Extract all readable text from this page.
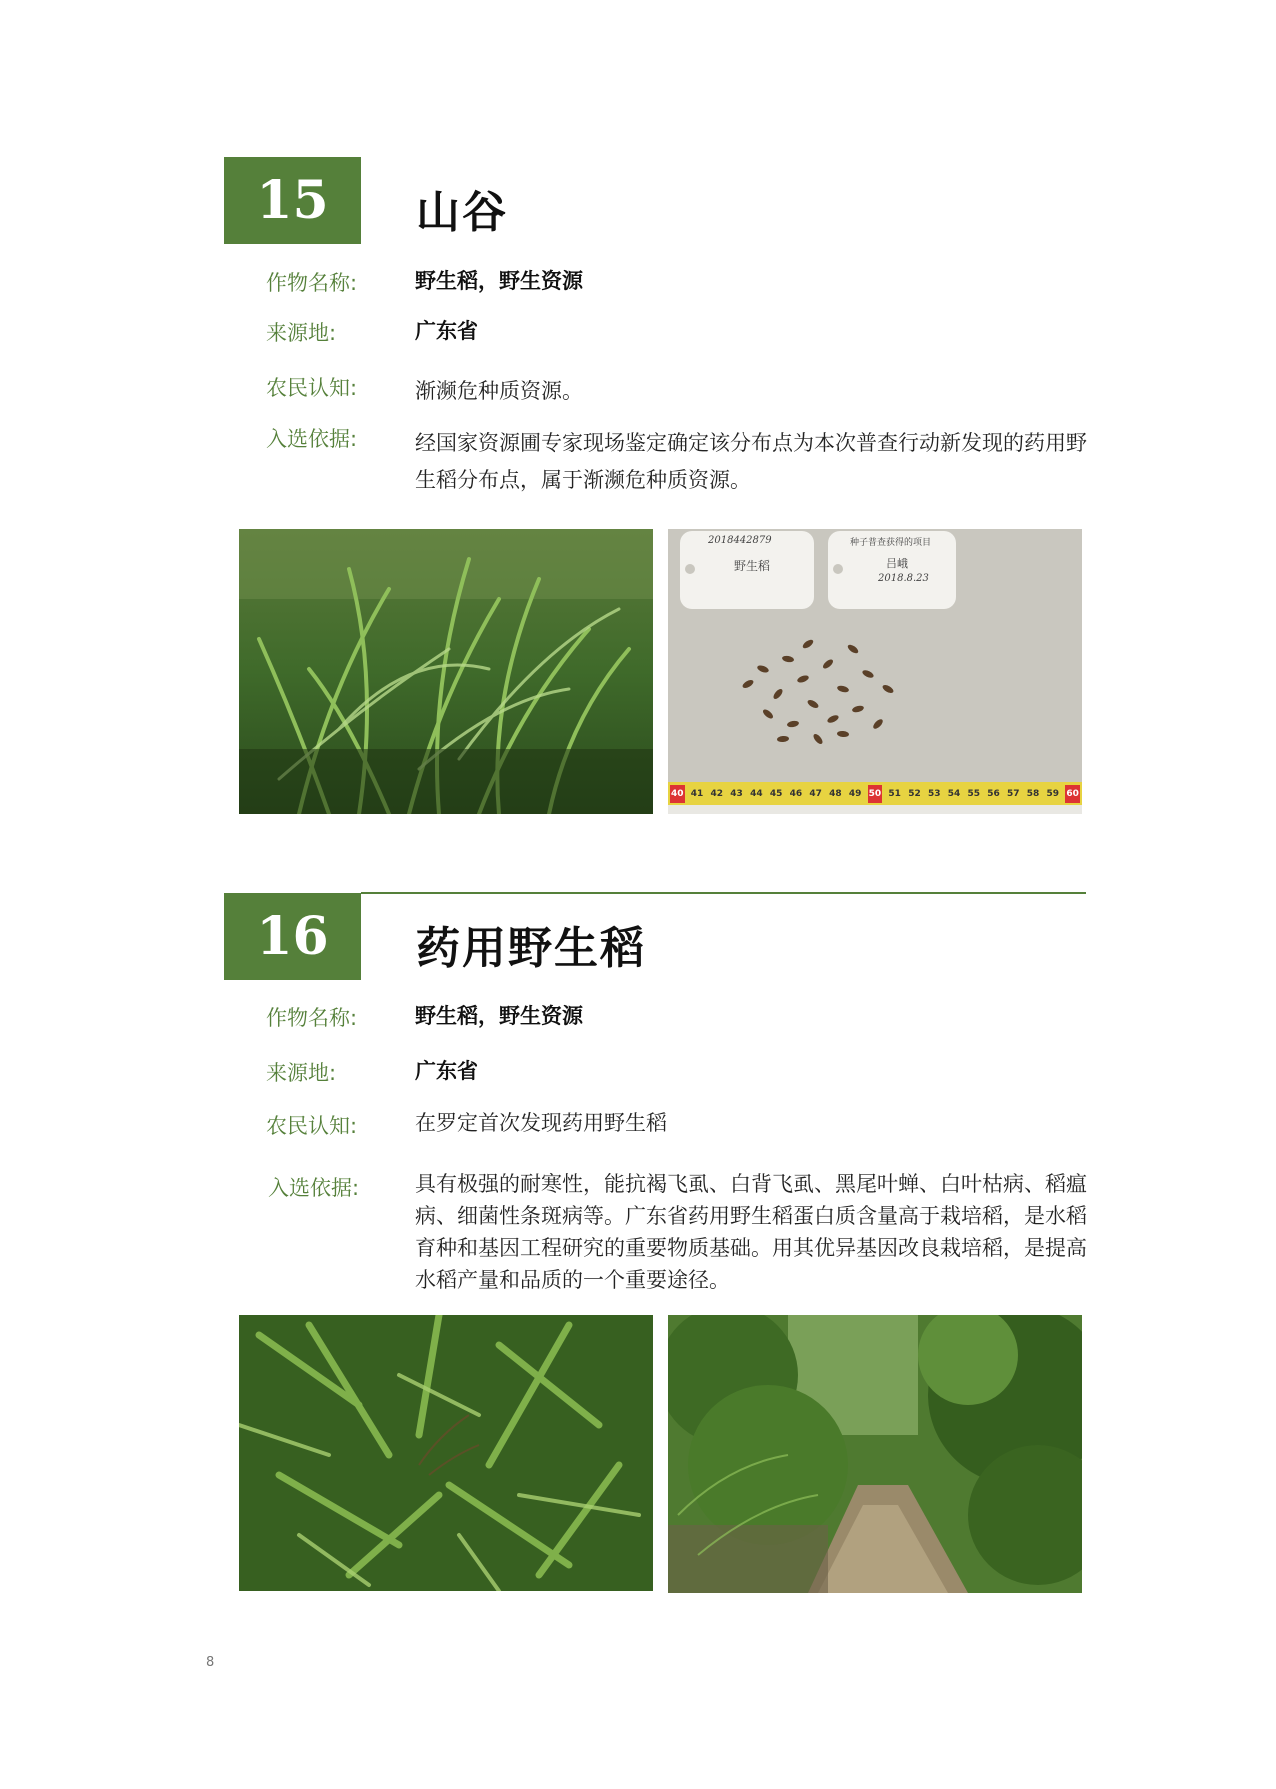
15 山谷
作物名称:	野生稻，野生资源
来源地:	广东省
农民认知:	渐濒危种质资源。
入选依据:	经国家资源圃专家现场鉴定确定该分布点为本次普查行动新发现的药用野生稻分布点，属于渐濒危种质资源。
2018442879
野生稻
种子普查获得的项目
吕峨
2018.8.23
40 41 42 43 44 45 46 47 48 49 50 51 52 53 54 55 56 57 58 59 60
16 药用野生稻
作物名称:	野生稻，野生资源
来源地:	广东省
农民认知:	在罗定首次发现药用野生稻
入选依据:	具有极强的耐寒性，能抗褐飞虱、白背飞虱、黑尾叶蝉、白叶枯病、稻瘟病、细菌性条斑病等。广东省药用野生稻蛋白质含量高于栽培稻，是水稻育种和基因工程研究的重要物质基础。用其优异基因改良栽培稻，是提高水稻产量和品质的一个重要途径。
8
